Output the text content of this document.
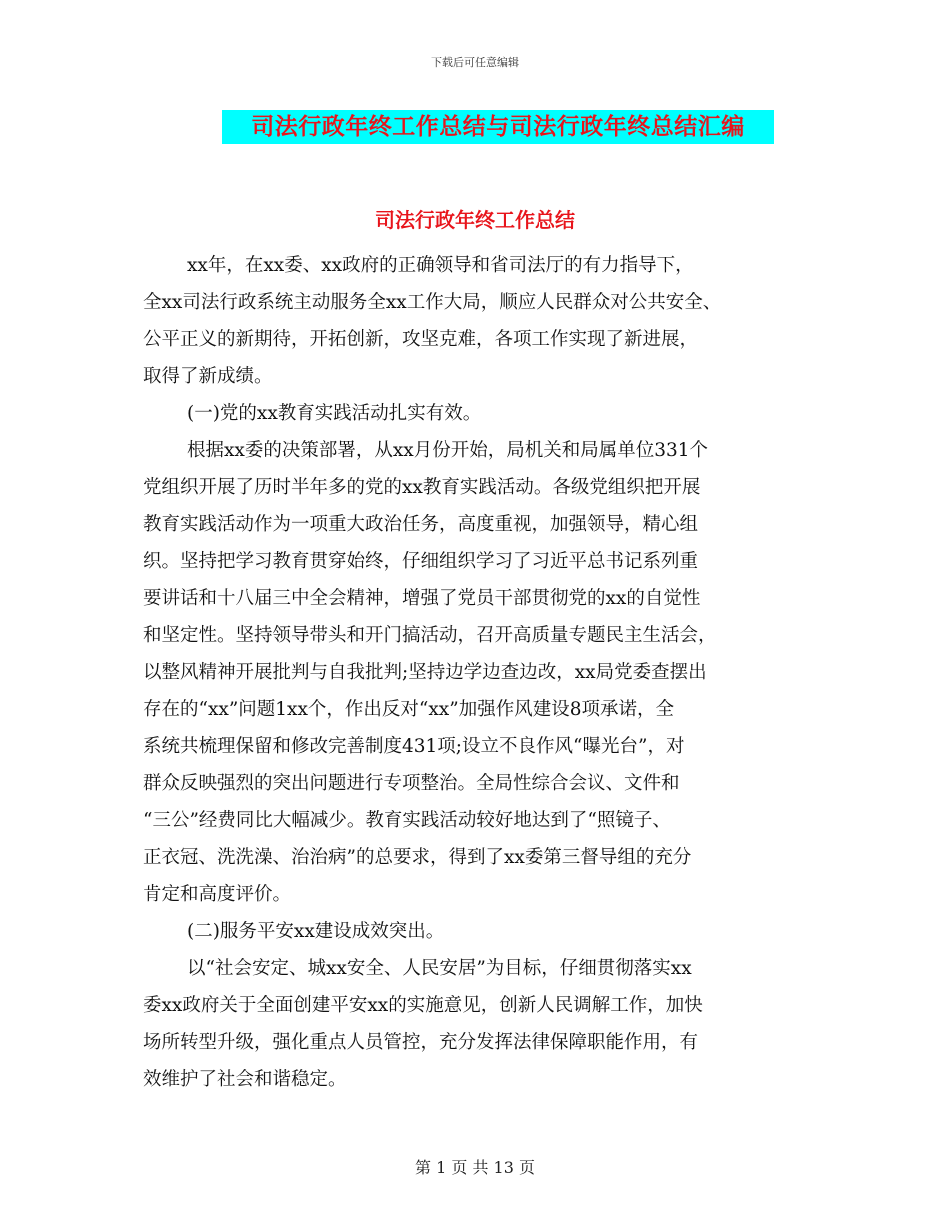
下载后可任意编辑
司法行政年终工作总结与司法行政年终总结汇编
司法行政年终工作总结
xx年，在xx委、xx政府的正确领导和省司法厅的有力指导下，
全xx司法行政系统主动服务全xx工作大局，顺应人民群众对公共安全、
公平正义的新期待，开拓创新，攻坚克难，各项工作实现了新进展，
取得了新成绩。
(一)党的xx教育实践活动扎实有效。
根据xx委的决策部署，从xx月份开始，局机关和局属单位331个
党组织开展了历时半年多的党的xx教育实践活动。各级党组织把开展
教育实践活动作为一项重大政治任务，高度重视，加强领导，精心组
织。坚持把学习教育贯穿始终，仔细组织学习了习近平总书记系列重
要讲话和十八届三中全会精神，增强了党员干部贯彻党的xx的自觉性
和坚定性。坚持领导带头和开门搞活动，召开高质量专题民主生活会，
以整风精神开展批判与自我批判;坚持边学边查边改，xx局党委查摆出
存在的“xx”问题1xx个，作出反对“xx”加强作风建设8项承诺，全
系统共梳理保留和修改完善制度431项;设立不良作风“曝光台”，对
群众反映强烈的突出问题进行专项整治。全局性综合会议、文件和
“三公”经费同比大幅减少。教育实践活动较好地达到了“照镜子、
正衣冠、洗洗澡、治治病”的总要求，得到了xx委第三督导组的充分
肯定和高度评价。
(二)服务平安xx建设成效突出。
以“社会安定、城xx安全、人民安居”为目标，仔细贯彻落实xx
委xx政府关于全面创建平安xx的实施意见，创新人民调解工作，加快
场所转型升级，强化重点人员管控，充分发挥法律保障职能作用，有
效维护了社会和谐稳定。
第 1 页 共 13 页
